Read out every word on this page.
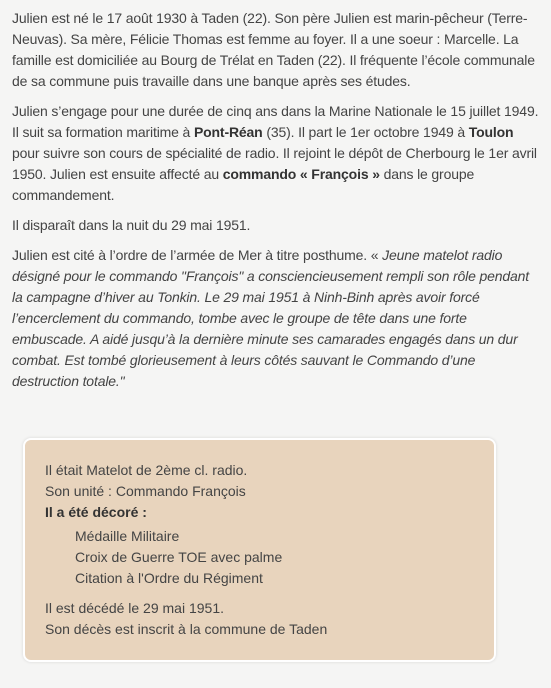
Julien est né le 17 août 1930 à Taden (22). Son père Julien est marin-pêcheur (Terre-Neuvas). Sa mère, Félicie Thomas est femme au foyer. Il a une soeur : Marcelle. La famille est domiciliée au Bourg de Trélat en Taden (22). Il fréquente l’école communale de sa commune puis travaille dans une banque après ses études.

Julien s’engage pour une durée de cinq ans dans la Marine Nationale le 15 juillet 1949. Il suit sa formation maritime à Pont-Réan (35). Il part le 1er octobre 1949 à Toulon pour suivre son cours de spécialité de radio. Il rejoint le dépôt de Cherbourg le 1er avril 1950. Julien est ensuite affecté au commando « François » dans le groupe commandement.

Il disparaît dans la nuit du 29 mai 1951.

Julien est cité à l’ordre de l’armée de Mer à titre posthume. « Jeune matelot radio désigné pour le commando "François" a consciencieusement rempli son rôle pendant la campagne d’hiver au Tonkin. Le 29 mai 1951 à Ninh-Binh après avoir forcé l’encerclement du commando, tombe avec le groupe de tête dans une forte embuscade. A aidé jusqu’à la dernière minute ses camarades engagés dans un dur combat. Est tombé glorieusement à leurs côtés sauvant le Commando d’une destruction totale."

Il était Matelot de 2ème cl. radio.
Son unité : Commando François
Il a été décoré :
Médaille Militaire
Croix de Guerre TOE avec palme
Citation à l'Ordre du Régiment
Il est décédé le 29 mai 1951.
Son décès est inscrit à la commune de Taden
